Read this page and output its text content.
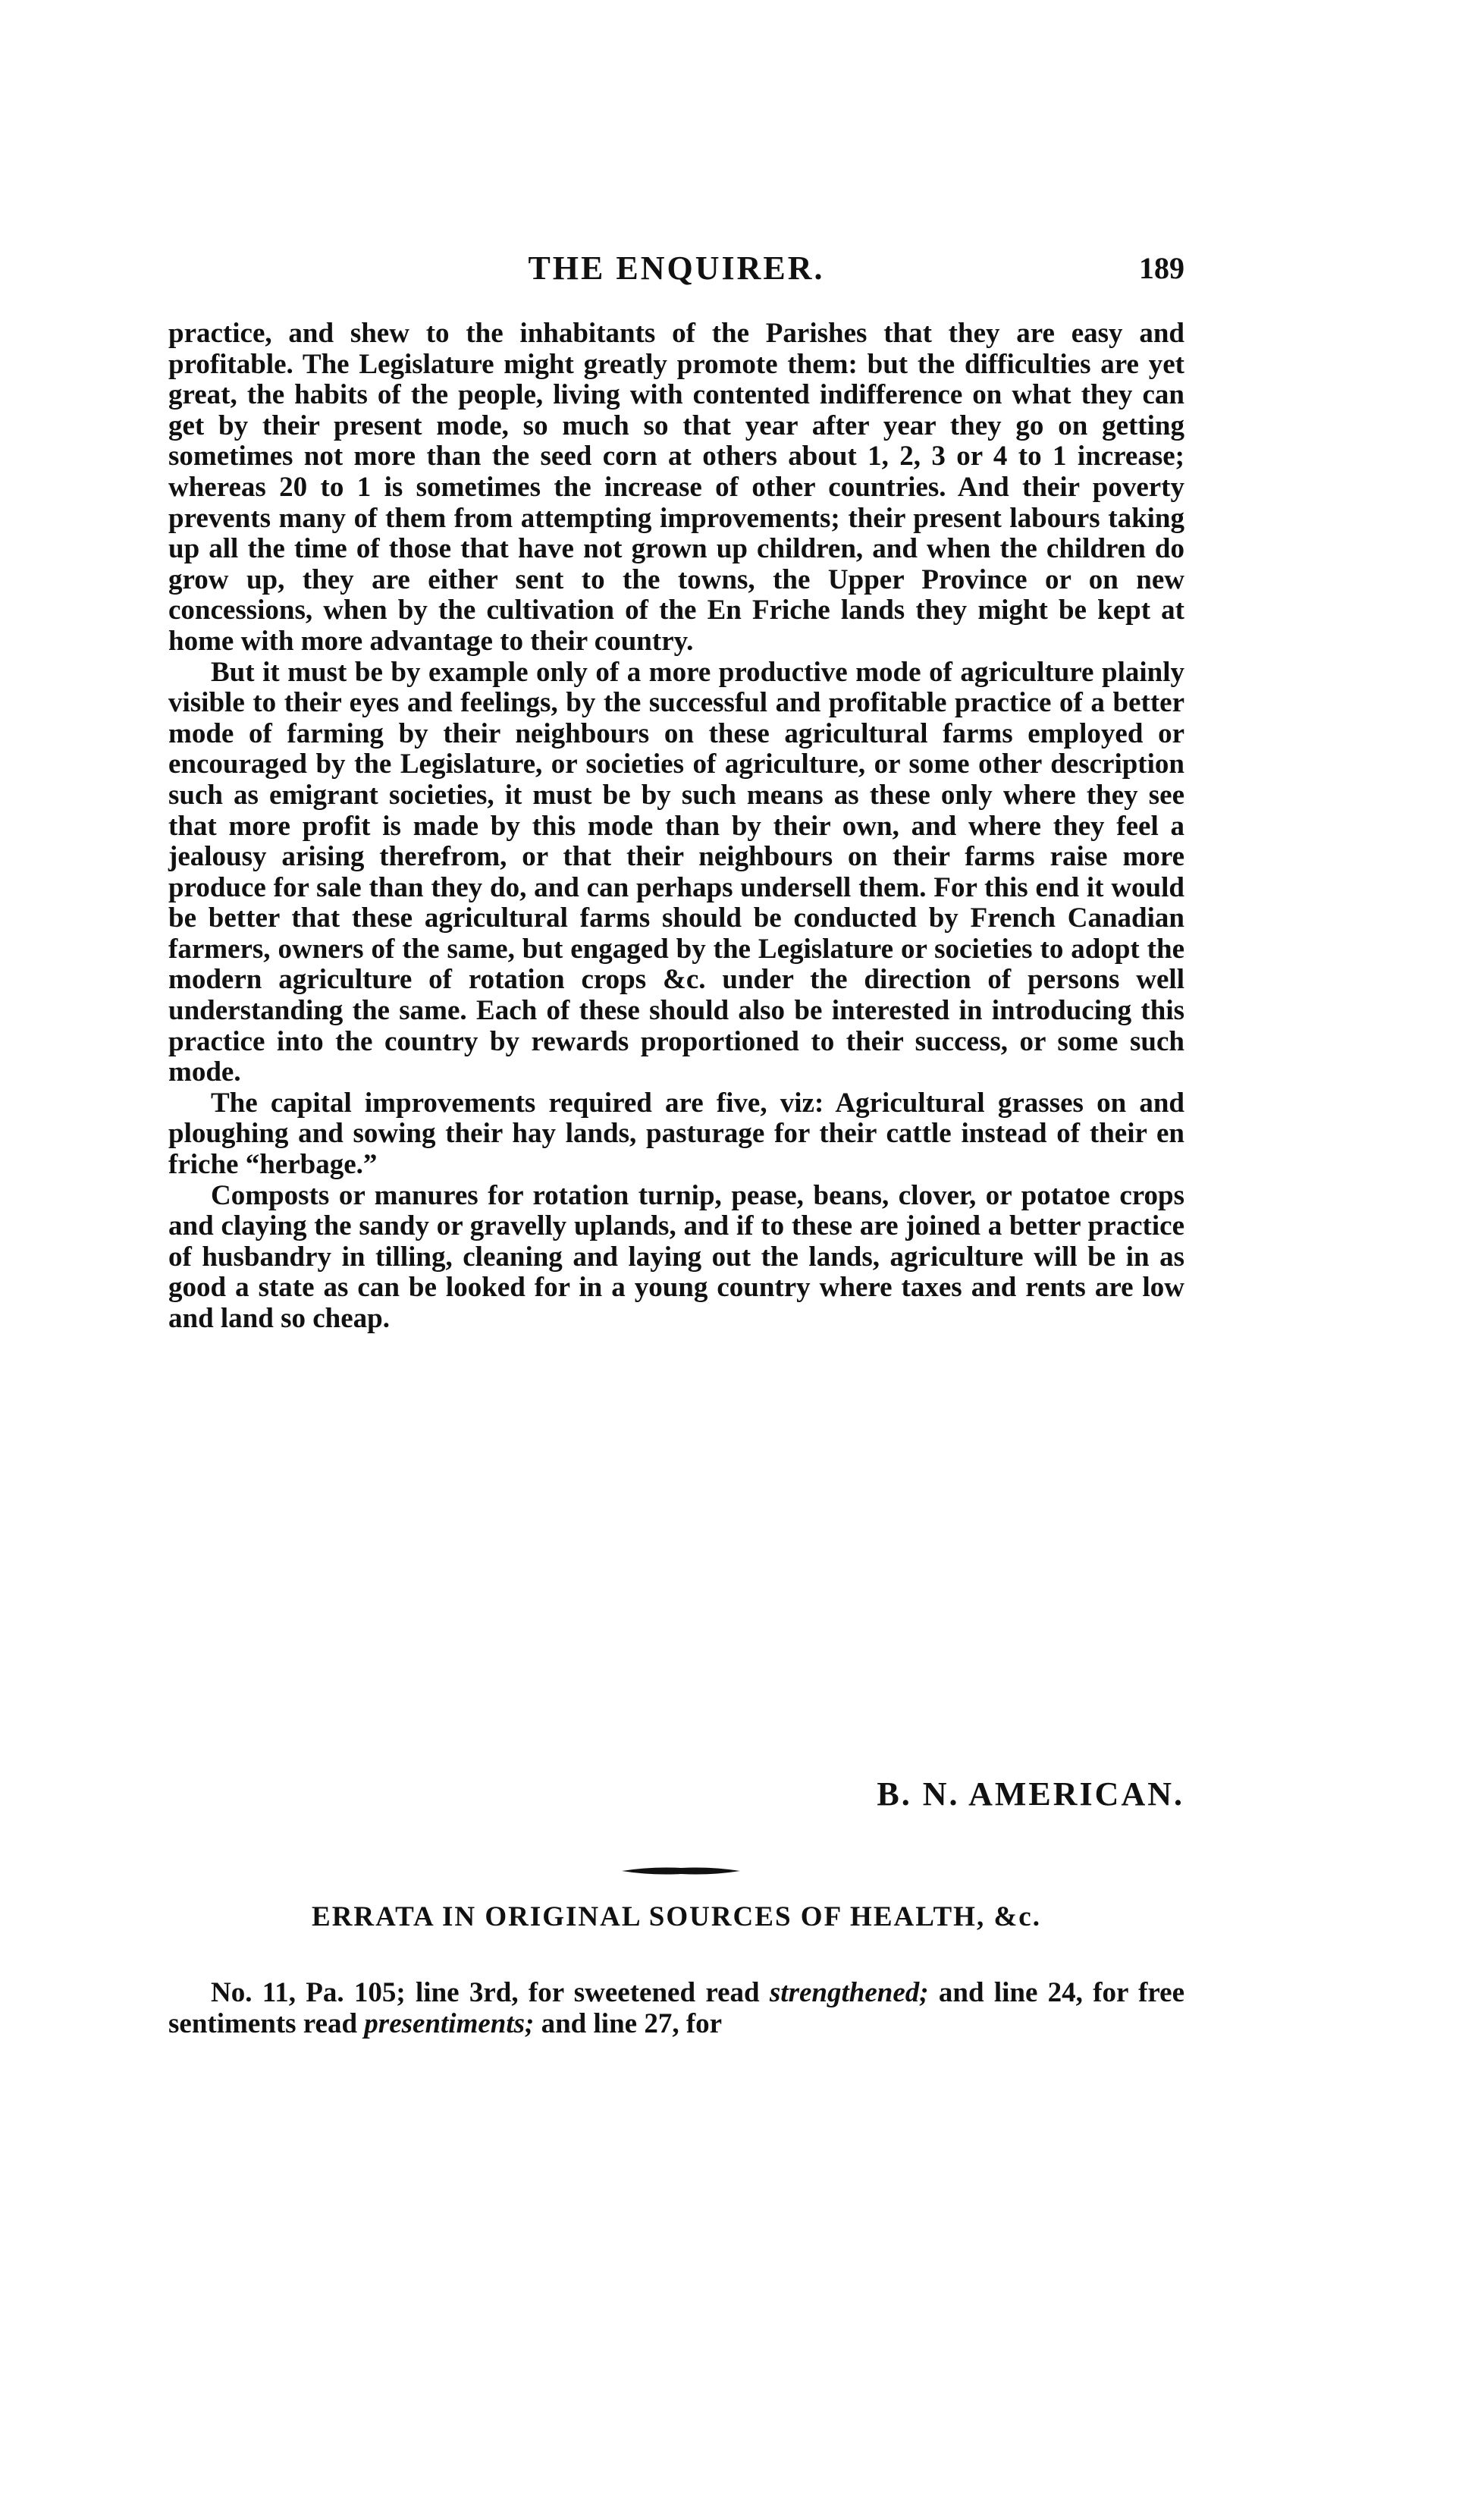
THE ENQUIRER.	189

practice, and shew to the inhabitants of the Parishes that they are easy and profitable. The Legislature might greatly promote them: but the difficulties are yet great, the habits of the people, living with contented indifference on what they can get by their present mode, so much so that year after year they go on getting sometimes not more than the seed corn at others about 1, 2, 3 or 4 to 1 increase; whereas 20 to 1 is sometimes the increase of other countries. And their poverty prevents many of them from attempting improvements; their present labours taking up all the time of those that have not grown up children, and when the children do grow up, they are either sent to the towns, the Upper Province or on new concessions, when by the cultivation of the En Friche lands they might be kept at home with more advantage to their country.

But it must be by example only of a more productive mode of agriculture plainly visible to their eyes and feelings, by the successful and profitable practice of a better mode of farming by their neighbours on these agricultural farms employed or encouraged by the Legislature, or societies of agriculture, or some other description such as emigrant societies, it must be by such means as these only where they see that more profit is made by this mode than by their own, and where they feel a jealousy arising therefrom, or that their neighbours on their farms raise more produce for sale than they do, and can perhaps undersell them. For this end it would be better that these agricultural farms should be conducted by French Canadian farmers, owners of the same, but engaged by the Legislature or societies to adopt the modern agriculture of rotation crops &c. under the direction of persons well understanding the same. Each of these should also be interested in introducing this practice into the country by rewards proportioned to their success, or some such mode.

The capital improvements required are five, viz: Agricultural grasses on and ploughing and sowing their hay lands, pasturage for their cattle instead of their en friche “herbage.”

Composts or manures for rotation turnip, pease, beans, clover, or potatoe crops and claying the sandy or gravelly uplands, and if to these are joined a better practice of husbandry in tilling, cleaning and laying out the lands, agriculture will be in as good a state as can be looked for in a young country where taxes and rents are low and land so cheap.

B. N. AMERICAN.
ERRATA IN ORIGINAL SOURCES OF HEALTH, &c.

No. 11, Pa. 105; line 3rd, for sweetened read strengthened; and line 24, for free sentiments read presentiments; and line 27, for
